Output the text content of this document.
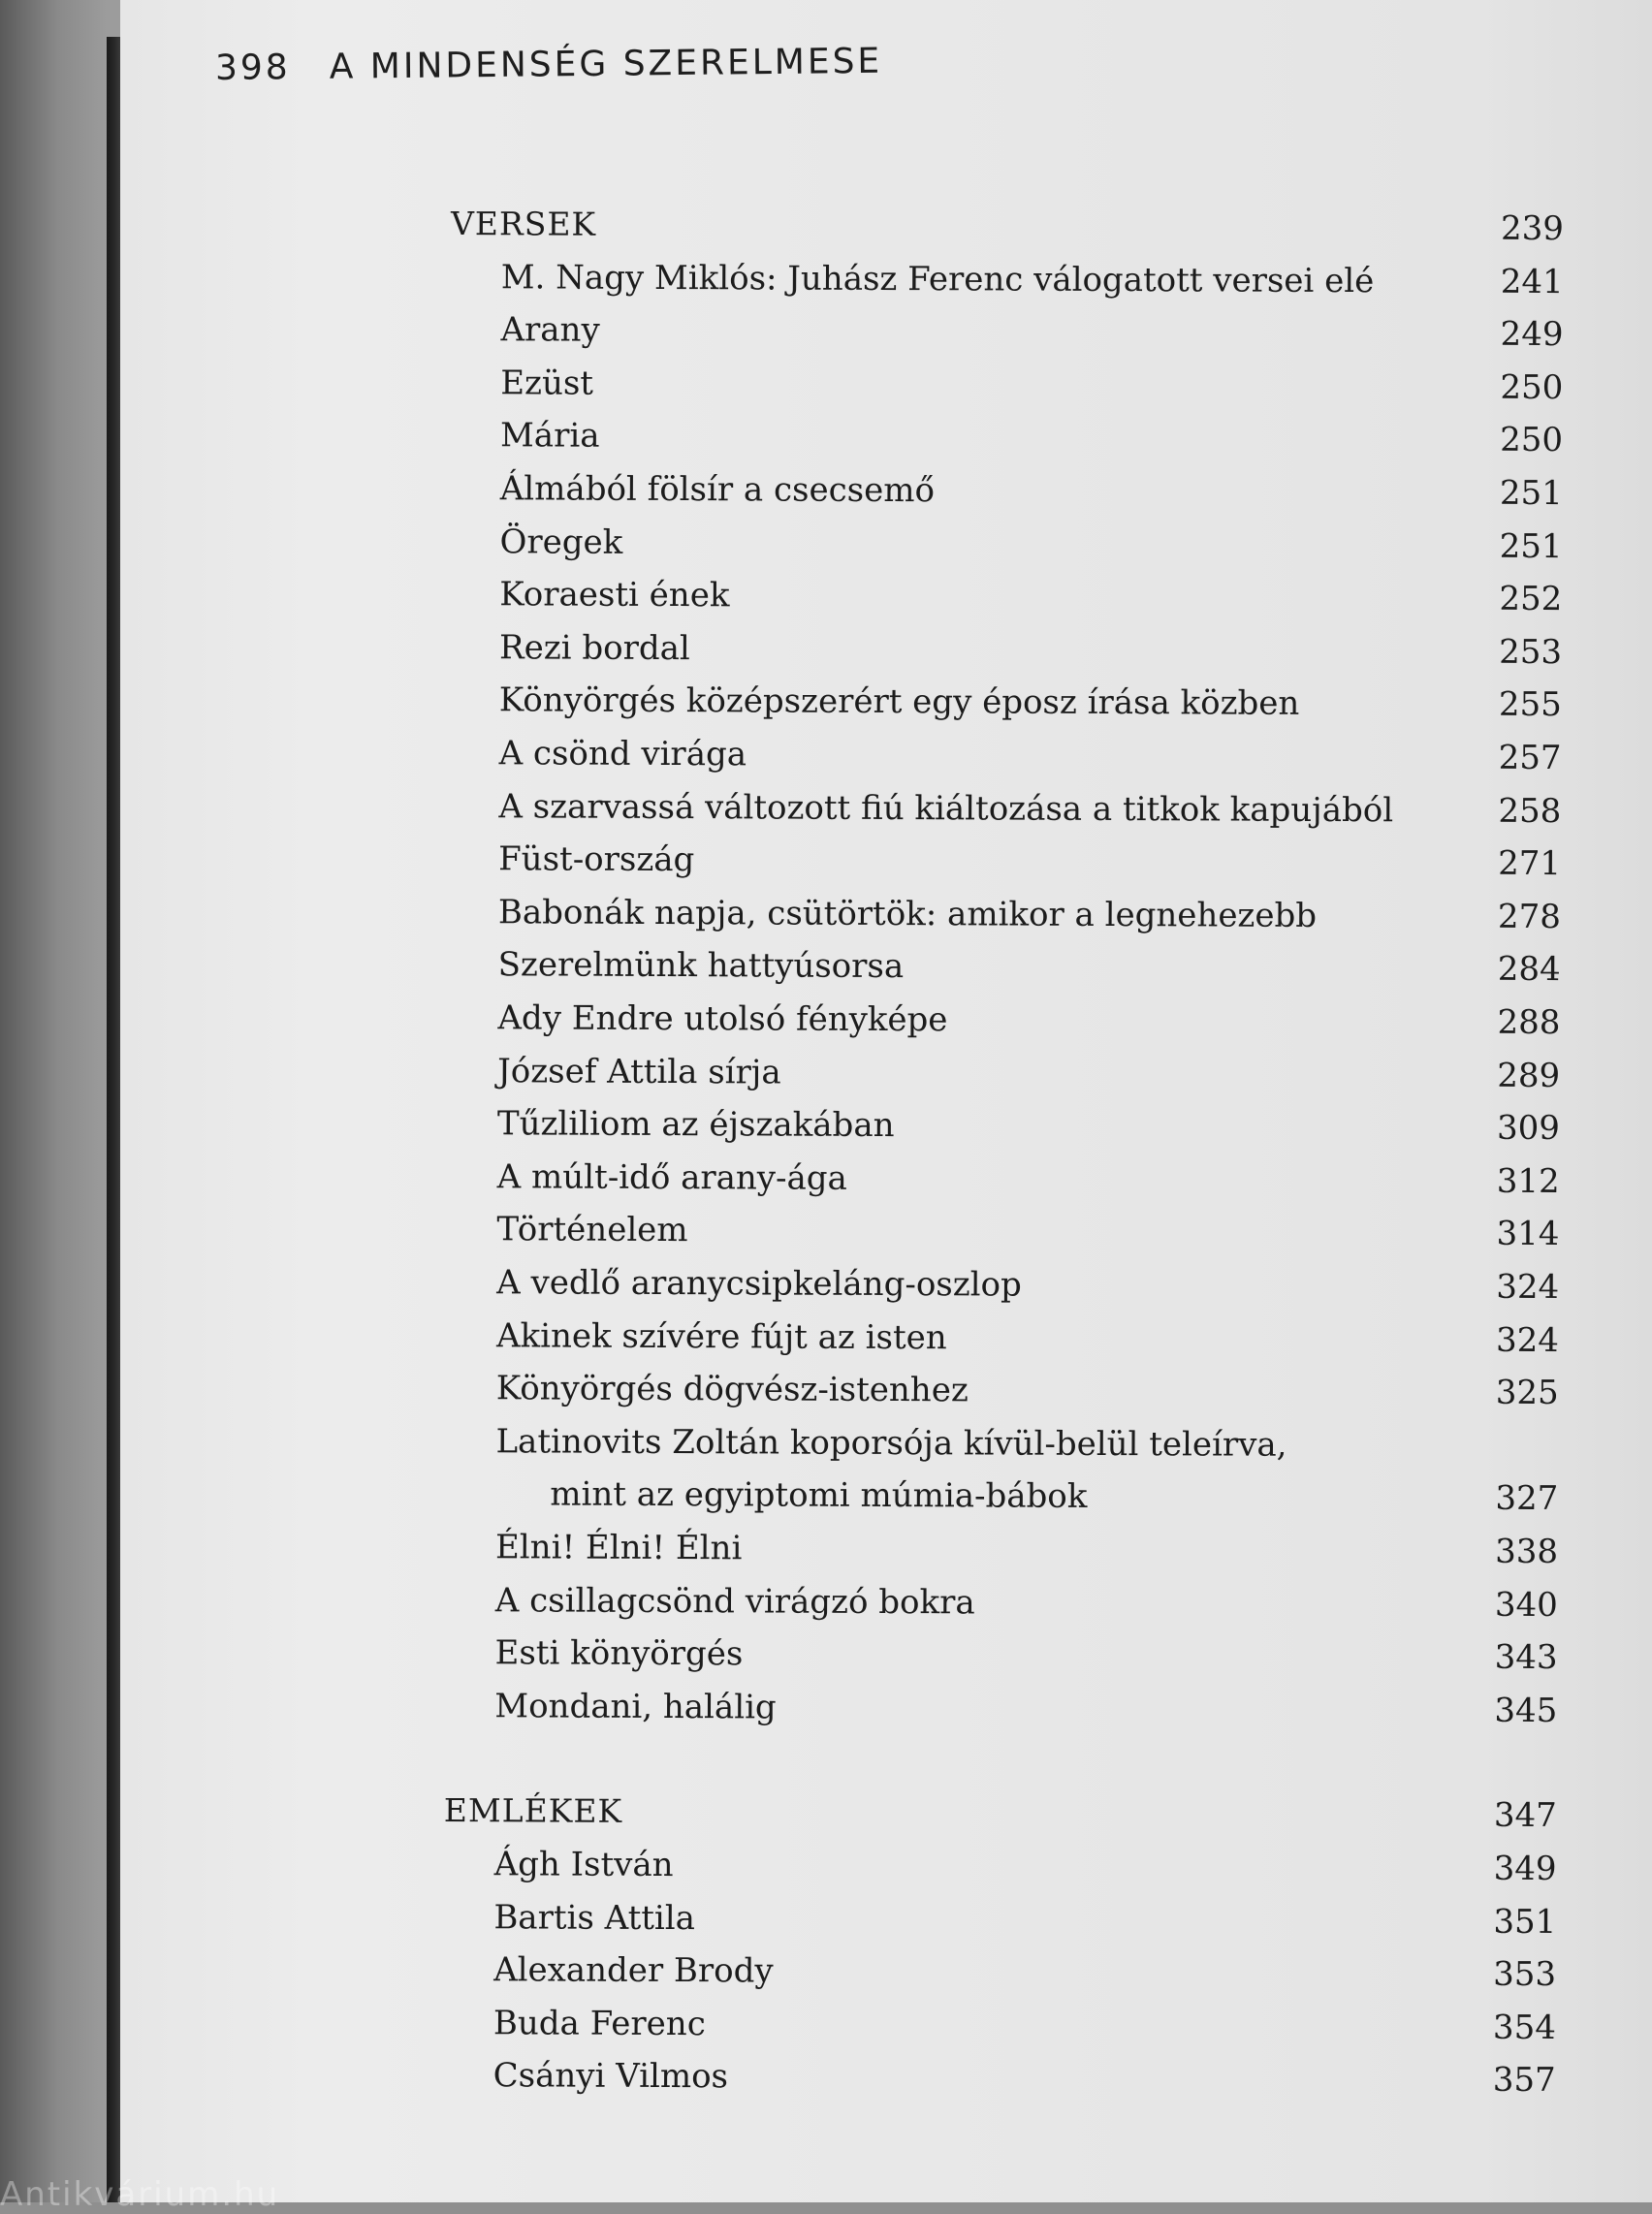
398 A MINDENSÉG SZERELMESE
VERSEK	239
M. Nagy Miklós: Juhász Ferenc válogatott versei elé	241
Arany	249
Ezüst	250
Mária	250
Álmából fölsír a csecsemő	251
Öregek	251
Koraesti ének	252
Rezi bordal	253
Könyörgés középszerért egy éposz írása közben	255
A csönd virága	257
A szarvassá változott fiú kiáltozása a titkok kapujából	258
Füst-ország	271
Babonák napja, csütörtök: amikor a legnehezebb	278
Szerelmünk hattyúsorsa	284
Ady Endre utolsó fényképe	288
József Attila sírja	289
Tűzliliom az éjszakában	309
A múlt-idő arany-ága	312
Történelem	314
A vedlő aranycsipkeláng-oszlop	324
Akinek szívére fújt az isten	324
Könyörgés dögvész-istenhez	325
Latinovits Zoltán koporsója kívül-belül teleírva,
mint az egyiptomi múmia-bábok	327
Élni! Élni! Élni	338
A csillagcsönd virágzó bokra	340
Esti könyörgés	343
Mondani, halálig	345
EMLÉKEK	347
Ágh István	349
Bartis Attila	351
Alexander Brody	353
Buda Ferenc	354
Csányi Vilmos	357
Antikvárium.hu
